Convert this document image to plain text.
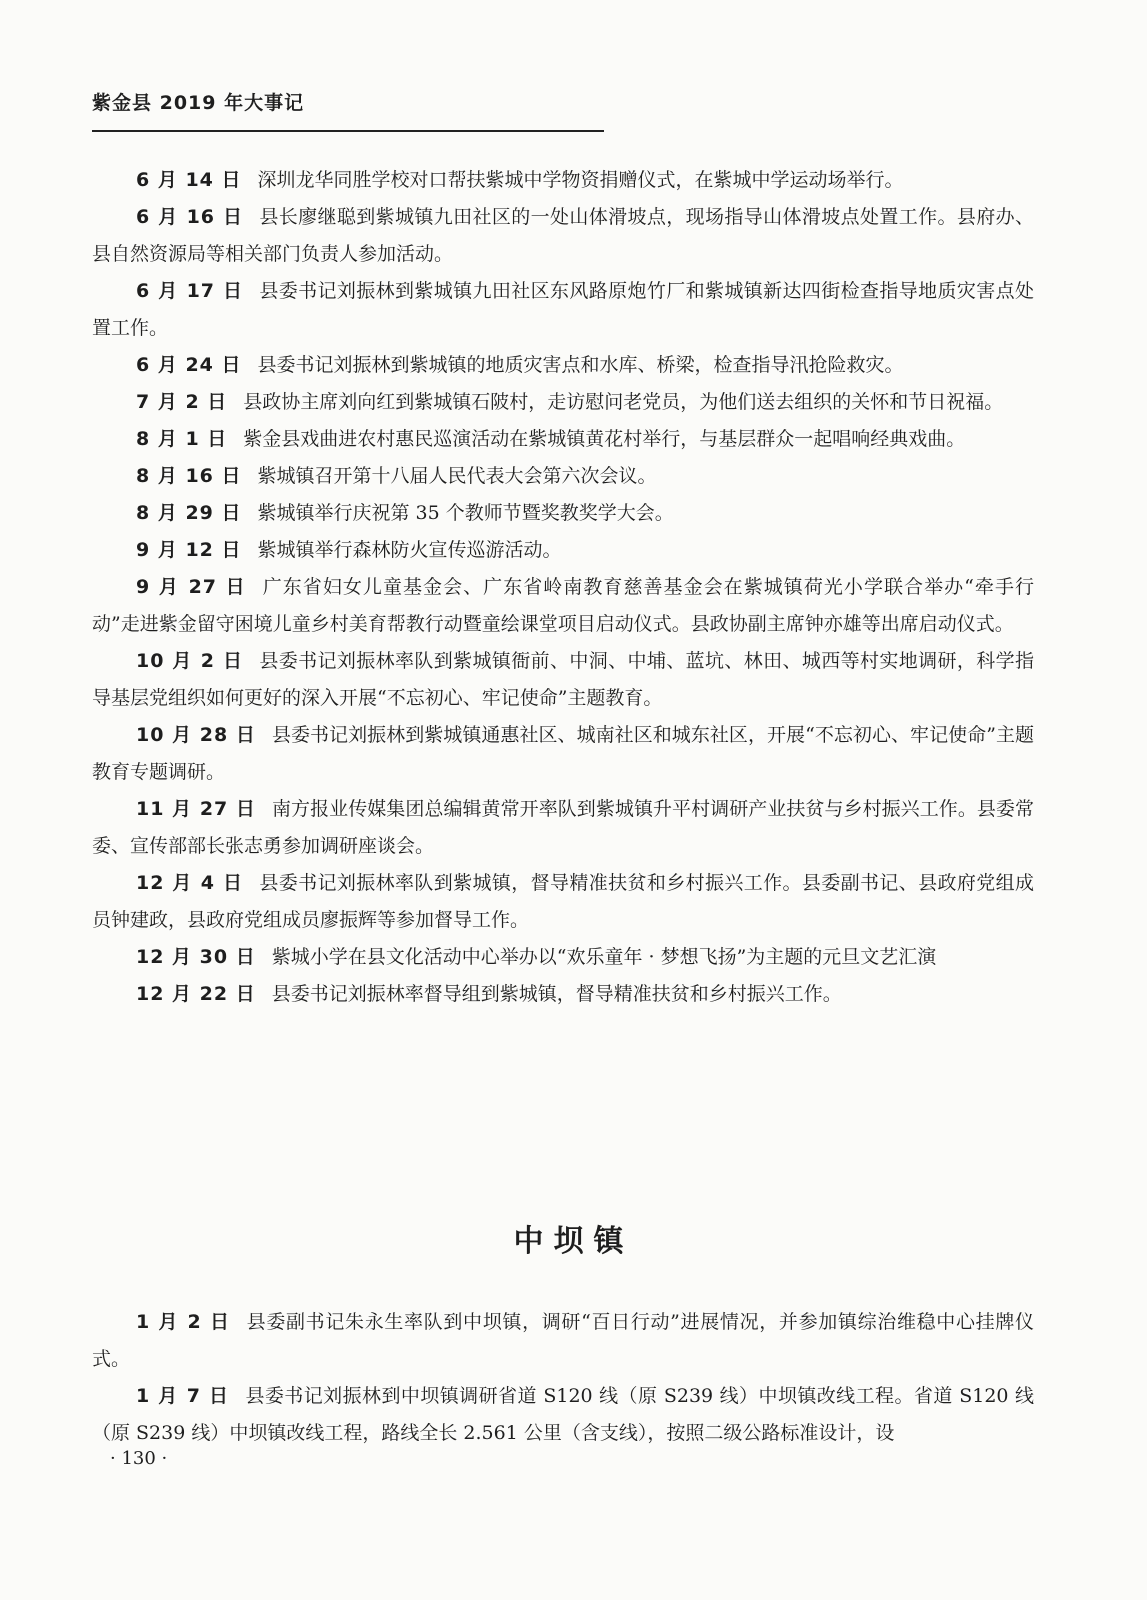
紫金县 2019 年大事记

6 月 14 日 深圳龙华同胜学校对口帮扶紫城中学物资捐赠仪式，在紫城中学运动场举行。

6 月 16 日 县长廖继聪到紫城镇九田社区的一处山体滑坡点，现场指导山体滑坡点处置工作。县府办、县自然资源局等相关部门负责人参加活动。

6 月 17 日 县委书记刘振林到紫城镇九田社区东风路原炮竹厂和紫城镇新达四街检查指导地质灾害点处置工作。

6 月 24 日 县委书记刘振林到紫城镇的地质灾害点和水库、桥梁，检查指导汛抢险救灾。

7 月 2 日 县政协主席刘向红到紫城镇石陂村，走访慰问老党员，为他们送去组织的关怀和节日祝福。

8 月 1 日 紫金县戏曲进农村惠民巡演活动在紫城镇黄花村举行，与基层群众一起唱响经典戏曲。

8 月 16 日 紫城镇召开第十八届人民代表大会第六次会议。

8 月 29 日 紫城镇举行庆祝第 35 个教师节暨奖教奖学大会。

9 月 12 日 紫城镇举行森林防火宣传巡游活动。

9 月 27 日 广东省妇女儿童基金会、广东省岭南教育慈善基金会在紫城镇荷光小学联合举办“牵手行动”走进紫金留守困境儿童乡村美育帮教行动暨童绘课堂项目启动仪式。县政协副主席钟亦雄等出席启动仪式。

10 月 2 日 县委书记刘振林率队到紫城镇衙前、中洞、中埔、蓝坑、林田、城西等村实地调研，科学指导基层党组织如何更好的深入开展“不忘初心、牢记使命”主题教育。

10 月 28 日 县委书记刘振林到紫城镇通惠社区、城南社区和城东社区，开展“不忘初心、牢记使命”主题教育专题调研。

11 月 27 日 南方报业传媒集团总编辑黄常开率队到紫城镇升平村调研产业扶贫与乡村振兴工作。县委常委、宣传部部长张志勇参加调研座谈会。

12 月 4 日 县委书记刘振林率队到紫城镇，督导精准扶贫和乡村振兴工作。县委副书记、县政府党组成员钟建政，县政府党组成员廖振辉等参加督导工作。

12 月 30 日 紫城小学在县文化活动中心举办以“欢乐童年 · 梦想飞扬”为主题的元旦文艺汇演

12 月 22 日 县委书记刘振林率督导组到紫城镇，督导精准扶贫和乡村振兴工作。

中坝镇

1 月 2 日 县委副书记朱永生率队到中坝镇，调研“百日行动”进展情况，并参加镇综治维稳中心挂牌仪式。

1 月 7 日 县委书记刘振林到中坝镇调研省道 S120 线（原 S239 线）中坝镇改线工程。省道 S120 线（原 S239 线）中坝镇改线工程，路线全长 2.561 公里（含支线），按照二级公路标准设计，设

· 130 ·
